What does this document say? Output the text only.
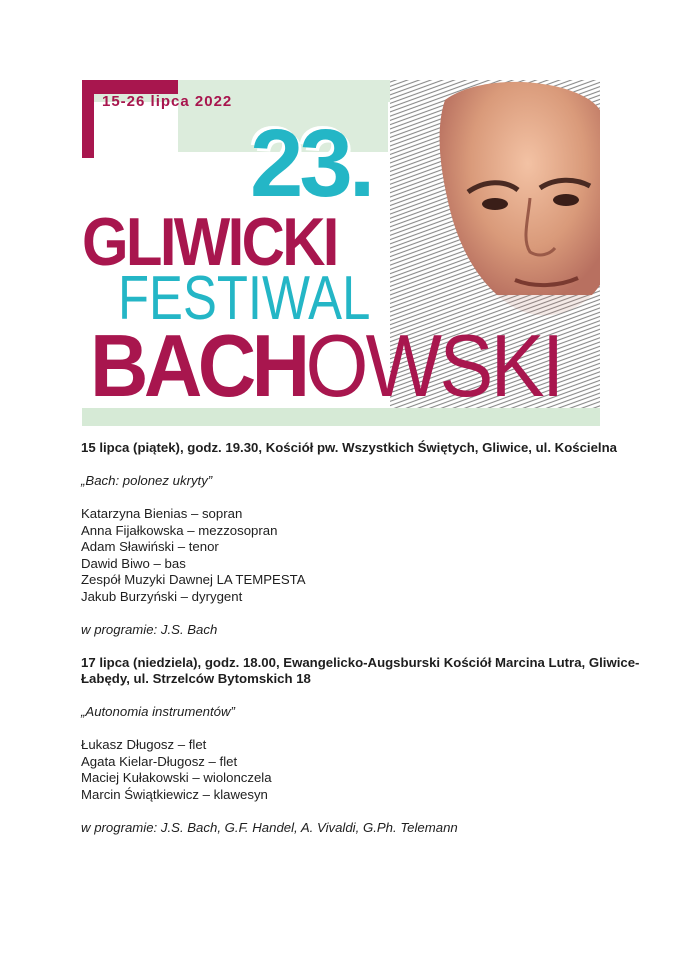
15-26 lipca 2022
23.
GLIWICKI
FESTIWAL
BACHOWSKI

15 lipca (piątek), godz. 19.30, Kościół pw. Wszystkich Świętych, Gliwice, ul. Kościelna

„Bach: polonez ukryty”

Katarzyna Bienias – sopran

Anna Fijałkowska – mezzosopran

Adam Sławiński – tenor

Dawid Biwo – bas

Zespół Muzyki Dawnej LA TEMPESTA

Jakub Burzyński – dyrygent

w programie: J.S. Bach

17 lipca (niedziela), godz. 18.00, Ewangelicko-Augsburski Kościół Marcina Lutra, Gliwice-

Łabędy, ul. Strzelców Bytomskich 18

„Autonomia instrumentów”

Łukasz Długosz – flet

Agata Kielar-Długosz – flet

Maciej Kułakowski – wiolonczela

Marcin Świątkiewicz – klawesyn

w programie: J.S. Bach, G.F. Handel, A. Vivaldi, G.Ph. Telemann
